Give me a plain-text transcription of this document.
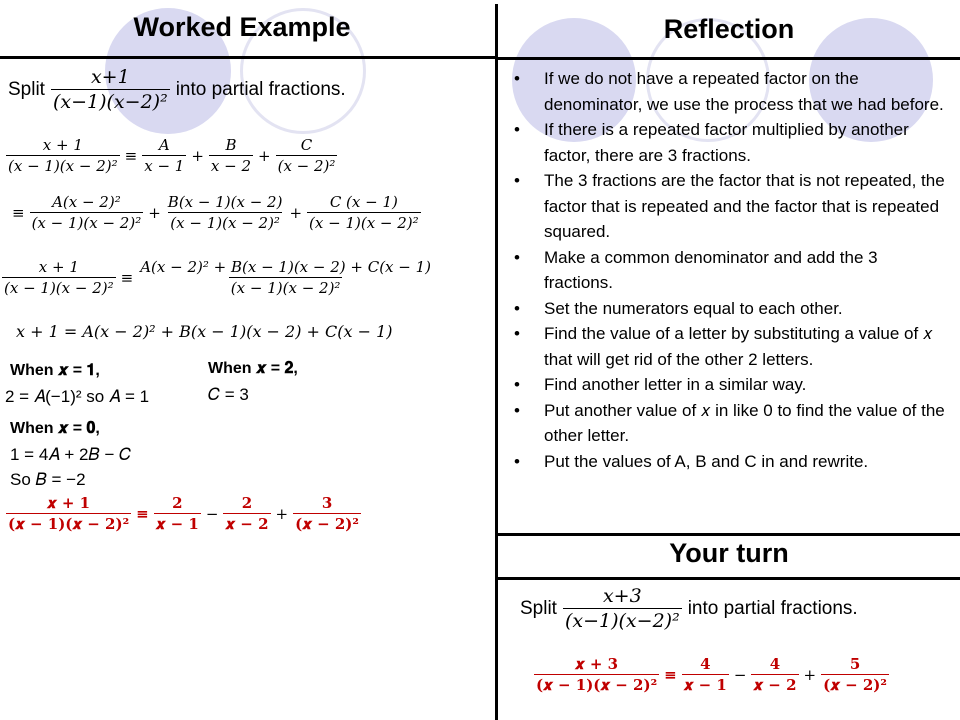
Worked Example	Reflection
Your turn
Split $\frac{\text{𝑥+1}}{\text{(𝑥−1)(𝑥−2)²}}$ into partial fractions.
$\frac{\text{𝑥 + 1}}{\text{(𝑥 − 1)(𝑥 − 2)²}} \equiv \frac{\text{𝐴}}{\text{𝑥 − 1}} + \frac{\text{𝐵}}{\text{𝑥 − 2}} + \frac{\text{𝐶}}{\text{(𝑥 − 2)²}}$
≡ $\frac{\text{𝐴(𝑥 − 2)²}}{\text{(𝑥 − 1)(𝑥 − 2)²}} + \frac{\text{𝐵(𝑥 − 1)(𝑥 − 2)}}{\text{(𝑥 − 1)(𝑥 − 2)²}} + \frac{\text{𝐶 (𝑥 − 1)}}{\text{(𝑥 − 1)(𝑥 − 2)²}}$
$\frac{\text{𝑥 + 1}}{\text{(𝑥 − 1)(𝑥 − 2)²}} \equiv \frac{\text{𝐴(𝑥 − 2)² + 𝐵(𝑥 − 1)(𝑥 − 2) + 𝐶(𝑥 − 1)}}{\text{(𝑥 − 1)(𝑥 − 2)²}}$
𝑥 + 1 = 𝐴(𝑥 − 2)² + 𝐵(𝑥 − 1)(𝑥 − 2) + 𝐶(𝑥 − 1)
When 𝒙 = 𝟏,
2 = 𝐴(−1)² so 𝐴 = 1
When 𝒙 = 𝟐,
𝐶 = 3
When 𝒙 = 𝟎,
1 = 4𝐴 + 2𝐵 − 𝐶
So 𝐵 = −2
$\frac{\text{𝒙 + 𝟏}}{\text{(𝒙 − 𝟏)(𝒙 − 𝟐)²}} \equiv \frac{𝟐}{\text{𝒙 − 𝟏}} - \frac{𝟐}{\text{𝒙 − 𝟐}} + \frac{𝟑}{\text{(𝒙 − 𝟐)²}}$
• If we do not have a repeated factor on the denominator, we use the process that we had before.
• If there is a repeated factor multiplied by another factor, there are 3 fractions.
• The 3 fractions are the factor that is not repeated, the factor that is repeated and the factor that is repeated squared.
• Make a common denominator and add the 3 fractions.
• Set the numerators equal to each other.
• Find the value of a letter by substituting a value of 𝑥 that will get rid of the other 2 letters.
• Find another letter in a similar way.
• Put another value of 𝑥 in like 0 to find the value of the other letter.
• Put the values of A, B and C in and rewrite.
Split $\frac{\text{𝑥+3}}{\text{(𝑥−1)(𝑥−2)²}}$ into partial fractions.
$\frac{\text{𝒙 + 𝟑}}{\text{(𝒙 − 𝟏)(𝒙 − 𝟐)²}} \equiv \frac{𝟒}{\text{𝒙 − 𝟏}} - \frac{𝟒}{\text{𝒙 − 𝟐}} + \frac{𝟓}{\text{(𝒙 − 𝟐)²}}$
